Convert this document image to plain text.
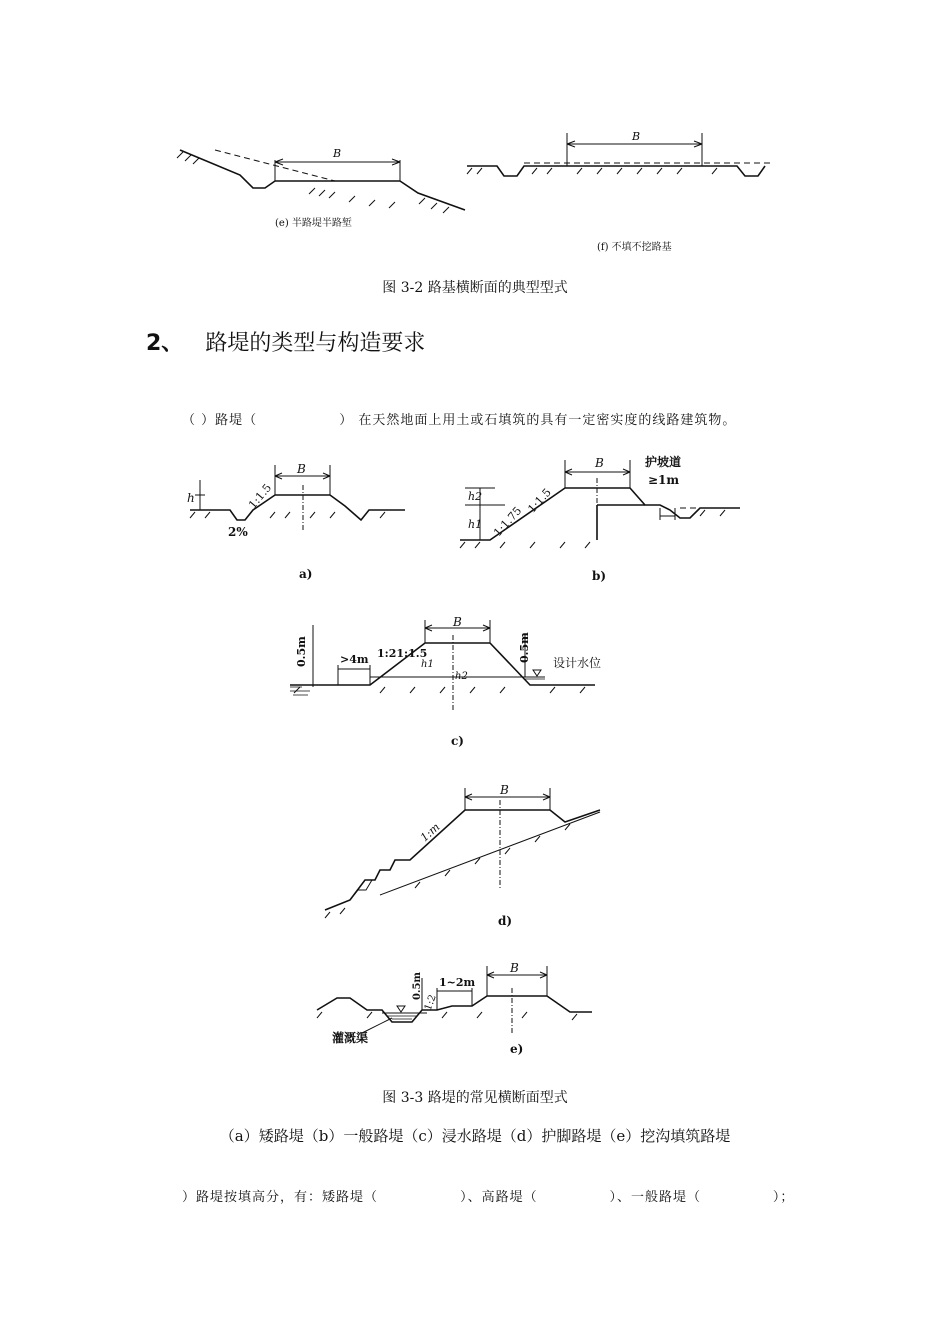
B
(e) 半路堤半路堑
B
(f) 不填不挖路基
图 3-2 路基横断面的典型型式
2、 路堤的类型与构造要求
（ ）路堤（                ） 在天然地面上用土或石填筑的具有一定密实度的线路建筑物。
B
h	1:1.5
2%
a)
B	护坡道
≥1m
h2
h1 1:1.75
1:1.5
b)
B
0.5m	>4m 1:21:1.5
h1
h2
0.5m 设计水位
c)
B
1:m
d)
B
0.5m 1~2m
1:2
灌溉渠
e)
图 3-3 路堤的常见横断面型式
（a）矮路堤（b）一般路堤（c）浸水路堤（d）护脚路堤（e）挖沟填筑路堤
）路堤按填高分，有：矮路堤（                ）、高路堤（              ）、一般路堤（              ）；
